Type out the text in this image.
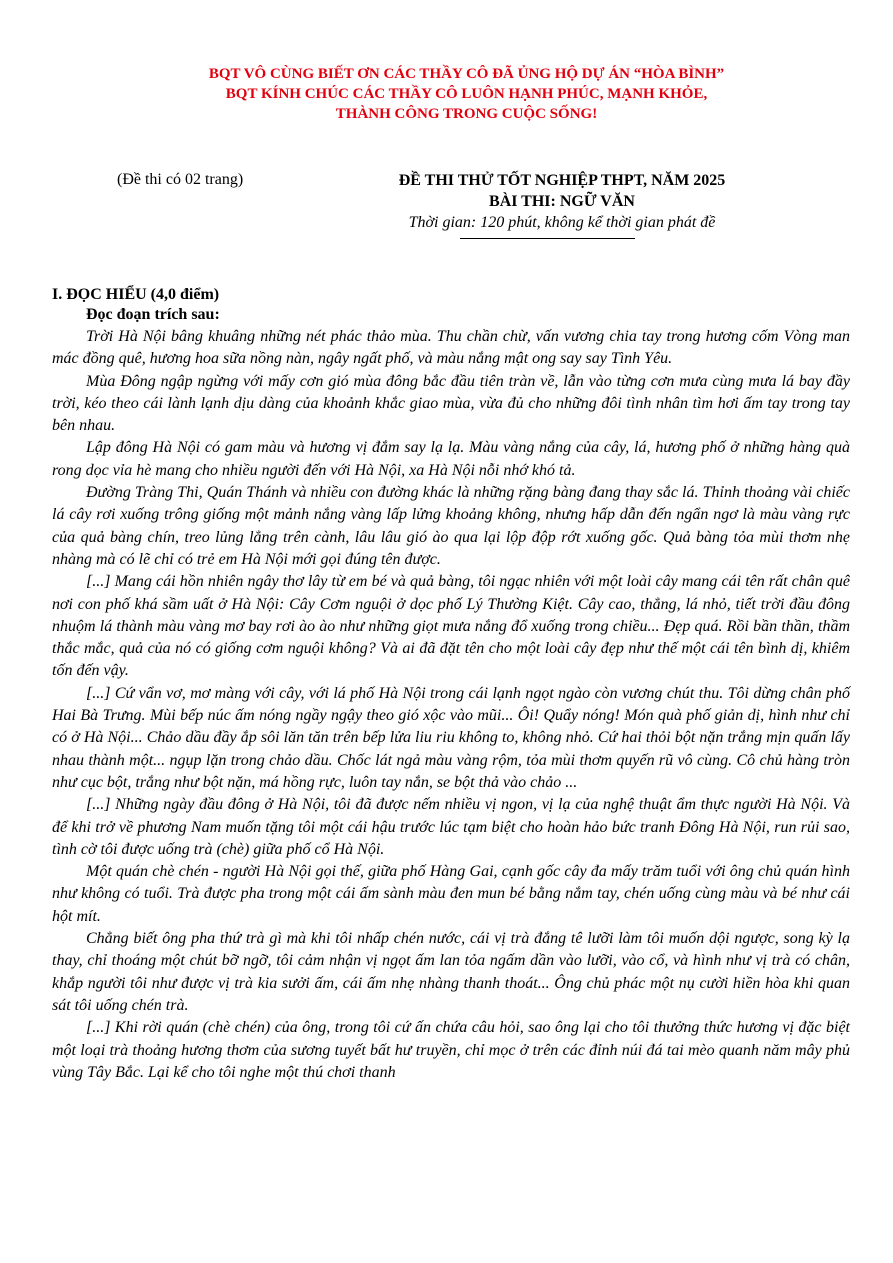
BQT VÔ CÙNG BIẾT ƠN CÁC THẦY CÔ ĐÃ ỦNG HỘ DỰ ÁN “HÒA BÌNH”
BQT KÍNH CHÚC CÁC THẦY CÔ LUÔN HẠNH PHÚC, MẠNH KHỎE,
THÀNH CÔNG TRONG CUỘC SỐNG!
(Đề thi có 02 trang)	ĐỀ THI THỬ TỐT NGHIỆP THPT, NĂM 2025
BÀI THI: NGỮ VĂN
Thời gian: 120 phút, không kể thời gian phát đề
I. ĐỌC HIỂU (4,0 điểm)
Đọc đoạn trích sau:

Trời Hà Nội bâng khuâng những nét phác thảo mùa. Thu chần chừ, vấn vương chia tay trong hương cốm Vòng man mác đồng quê, hương hoa sữa nồng nàn, ngây ngất phố, và màu nắng mật ong say say Tình Yêu.

Mùa Đông ngập ngừng với mấy cơn gió mùa đông bắc đầu tiên tràn về, lẫn vào từng cơn mưa cùng mưa lá bay đầy trời, kéo theo cái lành lạnh dịu dàng của khoảnh khắc giao mùa, vừa đủ cho những đôi tình nhân tìm hơi ấm tay trong tay bên nhau.

Lập đông Hà Nội có gam màu và hương vị đắm say lạ lạ. Màu vàng nắng của cây, lá, hương phố ở những hàng quà rong dọc vỉa hè mang cho nhiều người đến với Hà Nội, xa Hà Nội nỗi nhớ khó tả.

Đường Tràng Thi, Quán Thánh và nhiều con đường khác là những rặng bàng đang thay sắc lá. Thỉnh thoảng vài chiếc lá cây rơi xuống trông giống một mảnh nắng vàng lấp lửng khoảng không, nhưng hấp dẫn đến ngẩn ngơ là màu vàng rực của quả bàng chín, treo lủng lẳng trên cành, lâu lâu gió ào qua lại lộp độp rớt xuống gốc. Quả bàng tỏa mùi thơm nhẹ nhàng mà có lẽ chỉ có trẻ em Hà Nội mới gọi đúng tên được.

[...] Mang cái hồn nhiên ngây thơ lây từ em bé và quả bàng, tôi ngạc nhiên với một loài cây mang cái tên rất chân quê nơi con phố khá sầm uất ở Hà Nội: Cây Cơm nguội ở dọc phố Lý Thường Kiệt. Cây cao, thẳng, lá nhỏ, tiết trời đầu đông nhuộm lá thành màu vàng mơ bay rơi ào ào như những giọt mưa nắng đổ xuống trong chiều... Đẹp quá. Rồi bần thần, thầm thắc mắc, quả của nó có giống cơm nguội không? Và ai đã đặt tên cho một loài cây đẹp như thế một cái tên bình dị, khiêm tốn đến vậy.

[...] Cứ vẩn vơ, mơ màng với cây, với lá phố Hà Nội trong cái lạnh ngọt ngào còn vương chút thu. Tôi dừng chân phố Hai Bà Trưng. Mùi bếp núc ấm nóng ngầy ngậy theo gió xộc vào mũi... Ôi! Quẩy nóng! Món quà phố giản dị, hình như chỉ có ở Hà Nội... Chảo dầu đầy ắp sôi lăn tăn trên bếp lửa liu riu không to, không nhỏ. Cứ hai thỏi bột nặn trắng mịn quấn lấy nhau thành một... ngụp lặn trong chảo dầu. Chốc lát ngả màu vàng rộm, tỏa mùi thơm quyến rũ vô cùng. Cô chủ hàng tròn như cục bột, trắng như bột nặn, má hồng rực, luôn tay nắn, se bột thả vào chảo ...

[...] Những ngày đầu đông ở Hà Nội, tôi đã được nếm nhiều vị ngon, vị lạ của nghệ thuật ẩm thực người Hà Nội. Và để khi trở về phương Nam muốn tặng tôi một cái hậu trước lúc tạm biệt cho hoàn hảo bức tranh Đông Hà Nội, run rủi sao, tình cờ tôi được uống trà (chè) giữa phố cổ Hà Nội.

Một quán chè chén - người Hà Nội gọi thế, giữa phố Hàng Gai, cạnh gốc cây đa mấy trăm tuổi với ông chủ quán hình như không có tuổi. Trà được pha trong một cái ấm sành màu đen mun bé bằng nắm tay, chén uống cùng màu và bé như cái hột mít.

Chẳng biết ông pha thứ trà gì mà khi tôi nhấp chén nước, cái vị trà đắng tê lưỡi làm tôi muốn dội ngược, song kỳ lạ thay, chỉ thoáng một chút bỡ ngỡ, tôi cảm nhận vị ngọt ấm lan tỏa ngấm dần vào lưỡi, vào cổ, và hình như vị trà có chân, khắp người tôi như được vị trà kia sưởi ấm, cái ấm nhẹ nhàng thanh thoát... Ông chủ phác một nụ cười hiền hòa khi quan sát tôi uống chén trà.

[...] Khi rời quán (chè chén) của ông, trong tôi cứ ấn chứa câu hỏi, sao ông lại cho tôi thưởng thức hương vị đặc biệt một loại trà thoảng hương thơm của sương tuyết bất hư truyền, chỉ mọc ở trên các đỉnh núi đá tai mèo quanh năm mây phủ vùng Tây Bắc. Lại kể cho tôi nghe một thú chơi thanh
